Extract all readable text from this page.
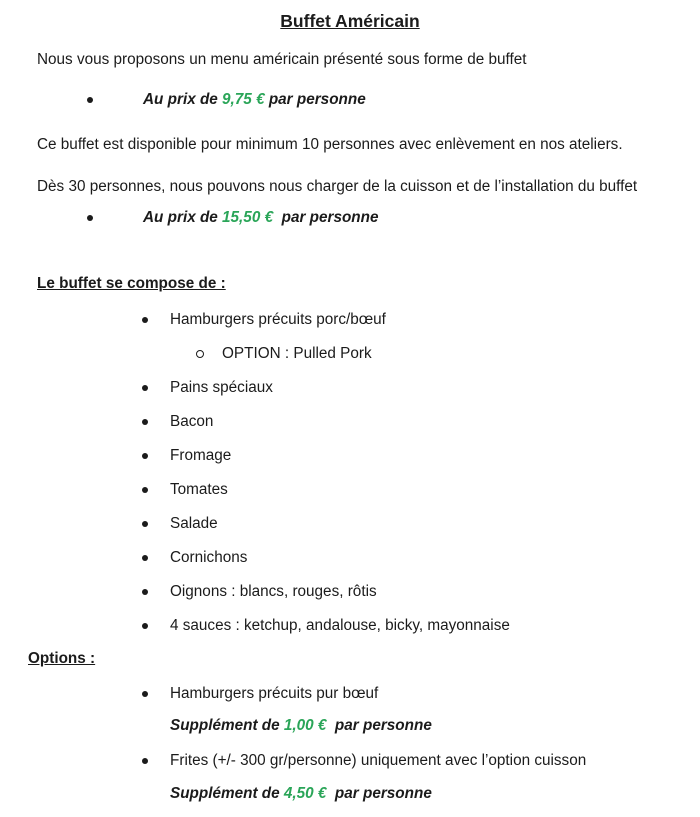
Buffet Américain
Nous vous proposons un menu américain présenté sous forme de buffet
Au prix de 9,75 € par personne
Ce buffet est disponible pour minimum 10 personnes avec enlèvement en nos ateliers.
Dès 30 personnes, nous pouvons nous charger de la cuisson et de l’installation du buffet
Au prix de 15,50 €  par personne
Le buffet se compose de :
Hamburgers précuits porc/bœuf
OPTION : Pulled Pork
Pains spéciaux
Bacon
Fromage
Tomates
Salade
Cornichons
Oignons : blancs, rouges, rôtis
4 sauces : ketchup, andalouse, bicky, mayonnaise
Options :
Hamburgers précuits pur bœuf
Supplément de 1,00 €  par personne
Frites (+/- 300 gr/personne) uniquement avec l’option cuisson
Supplément de 4,50 €  par personne
